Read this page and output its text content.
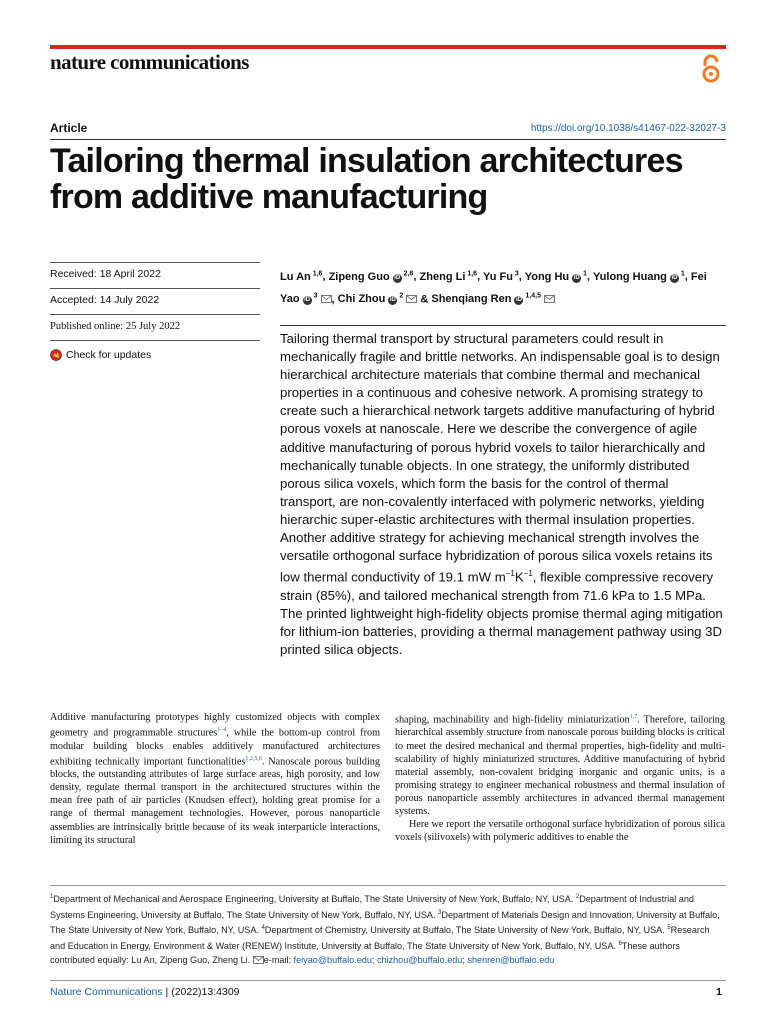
nature communications
Article	https://doi.org/10.1038/s41467-022-32027-3
Tailoring thermal insulation architectures from additive manufacturing
Received: 18 April 2022
Accepted: 14 July 2022
Published online: 25 July 2022
Check for updates
Lu An $^{1,6}$, Zipeng Guo iD $^{2,6}$, Zheng Li $^{1,6}$, Yu Fu $^3$, Yong Hu iD $^1$, Yulong Huang iD $^1$, Fei Yao iD $^3$ , Chi Zhou iD $^2$  & Shenqiang Ren iD $^{1,4,5}$

Tailoring thermal transport by structural parameters could result in mechanically fragile and brittle networks. An indispensable goal is to design hierarchical architecture materials that combine thermal and mechanical properties in a continuous and cohesive network. A promising strategy to create such a hierarchical network targets additive manufacturing of hybrid porous voxels at nanoscale. Here we describe the convergence of agile additive manufacturing of porous hybrid voxels to tailor hierarchically and mechanically tunable objects. In one strategy, the uniformly distributed porous silica voxels, which form the basis for the control of thermal transport, are non-covalently interfaced with polymeric networks, yielding hierarchic super-elastic architectures with thermal insulation properties. Another additive strategy for achieving mechanical strength involves the versatile orthogonal surface hybridization of porous silica voxels retains its low thermal conductivity of 19.1 mW $m^{-1}K^{-1}$, flexible compressive recovery strain (85%), and tailored mechanical strength from 71.6 kPa to 1.5 MPa. The printed lightweight high-fidelity objects promise thermal aging mitigation for lithium-ion batteries, providing a thermal management pathway using 3D printed silica objects.

Additive manufacturing prototypes highly customized objects with complex geometry and programmable structures$^{1-4}$, while the bottom-up control from modular building blocks enables additively manufactured architectures exhibiting technically important functionalities$^{1,2,5,6}$. Nanoscale porous building blocks, the outstanding attributes of large surface areas, high porosity, and low density, regulate thermal transport in the architectured structures within the mean free path of air particles (Knudsen effect), holding great promise for a range of thermal management technologies. However, porous nanoparticle assemblies are intrinsically brittle because of its weak interparticle interactions, limiting its structural

shaping, machinability and high-fidelity miniaturization$^{1,7}$. Therefore, tailoring hierarchical assembly structure from nanoscale porous building blocks is critical to meet the desired mechanical and thermal properties, high-fidelity and multi-scalability of highly miniaturized structures. Additive manufacturing of hybrid material assembly, non-covalent bridging inorganic and organic units, is a promising strategy to engineer mechanical robustness and thermal insulation of porous nanoparticle assembly architectures in advanced thermal management systems.

Here we report the versatile orthogonal surface hybridization of porous silica voxels (silivoxels) with polymeric additives to enable the

$^1$Department of Mechanical and Aerospace Engineering, University at Buffalo, The State University of New York, Buffalo, NY, USA. $^2$Department of Industrial and Systems Engineering, University at Buffalo, The State University of New York, Buffalo, NY, USA. $^3$Department of Materials Design and Innovation, University at Buffalo, The State University of New York, Buffalo, NY, USA. $^4$Department of Chemistry, University at Buffalo, The State University of New York, Buffalo, NY, USA. $^5$Research and Education in Energy, Environment & Water (RENEW) Institute, University at Buffalo, The State University of New York, Buffalo, NY, USA. $^6$These authors contributed equally: Lu An, Zipeng Guo, Zheng Li. e-mail: feiyao@buffalo.edu; chizhou@buffalo.edu; shenren@buffalo.edu
Nature Communications | (2022)13:4309	1
